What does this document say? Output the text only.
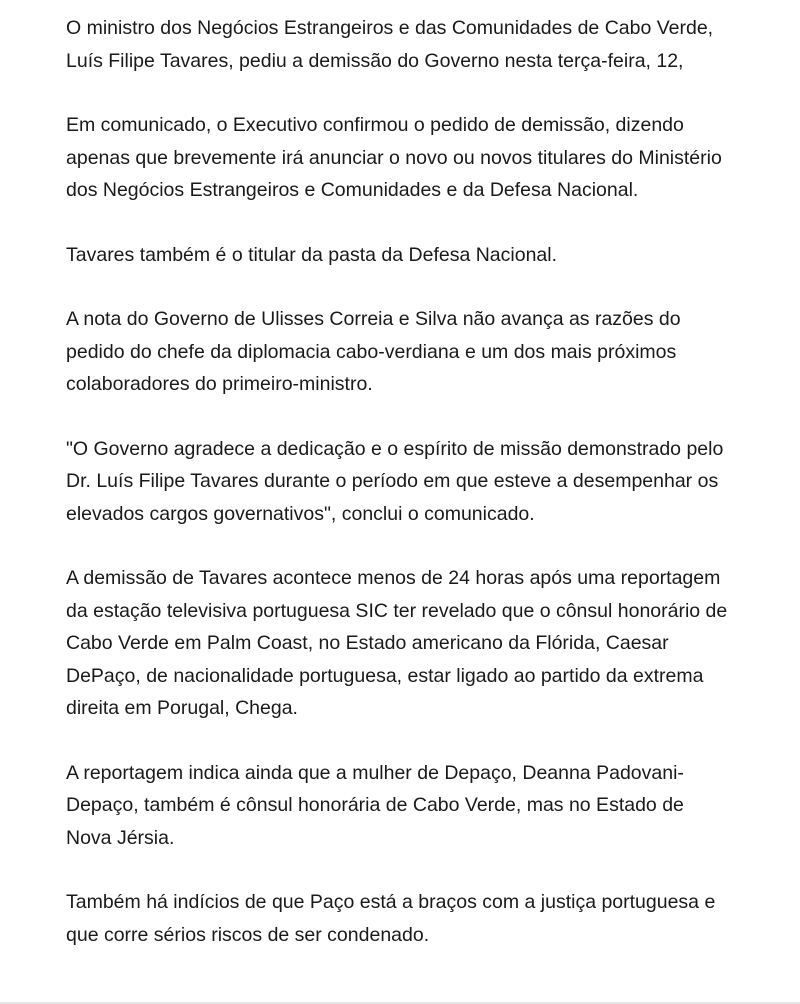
O ministro dos Negócios Estrangeiros e das Comunidades de Cabo Verde, Luís Filipe Tavares, pediu a demissão do Governo nesta terça-feira, 12,

Em comunicado, o Executivo confirmou o pedido de demissão, dizendo apenas que brevemente irá anunciar o novo ou novos titulares do Ministério dos Negócios Estrangeiros e Comunidades e da Defesa Nacional.

Tavares também é o titular da pasta da Defesa Nacional.

A nota do Governo de Ulisses Correia e Silva não avança as razões do pedido do chefe da diplomacia cabo-verdiana e um dos mais próximos colaboradores do primeiro-ministro.

"O Governo agradece a dedicação e o espírito de missão demonstrado pelo Dr. Luís Filipe Tavares durante o período em que esteve a desempenhar os elevados cargos governativos", conclui o comunicado.

A demissão de Tavares acontece menos de 24 horas após uma reportagem da estação televisiva portuguesa SIC ter revelado que o cônsul honorário de Cabo Verde em Palm Coast, no Estado americano da Flórida, Caesar DePaço, de nacionalidade portuguesa, estar ligado ao partido da extrema direita em Porugal, Chega.

A reportagem indica ainda que a mulher de Depaço, Deanna Padovani-Depaço, também é cônsul honorária de Cabo Verde, mas no Estado de Nova Jérsia.

Também há indícios de que Paço está a braços com a justiça portuguesa e que corre sérios riscos de ser condenado.
